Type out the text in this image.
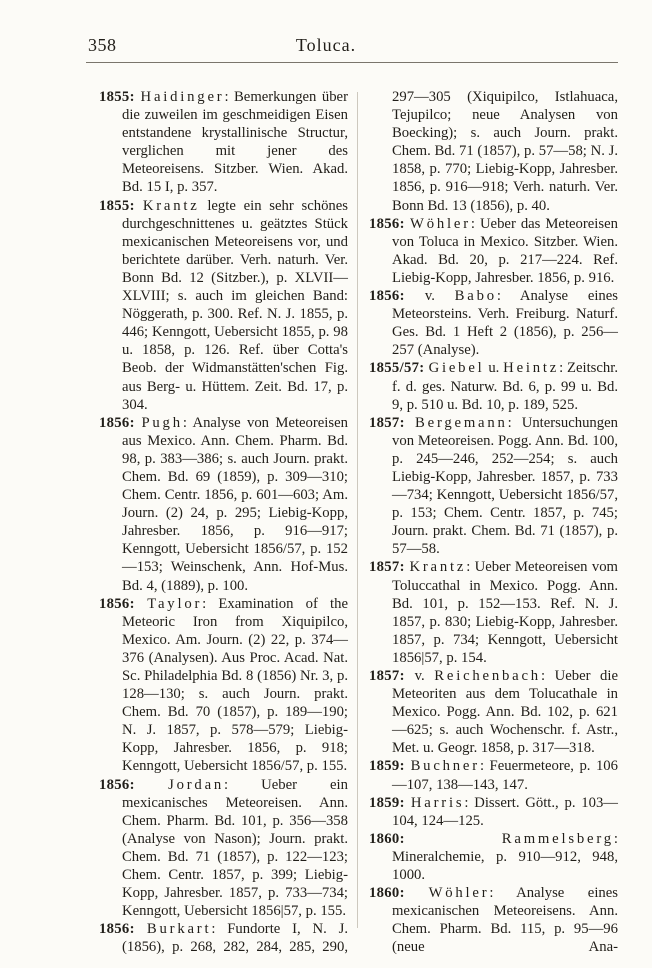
358	Toluca.

1855: Haidinger: Bemerkungen über die zuweilen im geschmeidigen Eisen entstandene krystallinische Structur, verglichen mit jener des Meteoreisens. Sitzber. Wien. Akad. Bd. 15 I, p. 357.

1855: Krantz legte ein sehr schönes durchgeschnittenes u. geätztes Stück mexicanischen Meteoreisens vor, und berichtete darüber. Verh. naturh. Ver. Bonn Bd. 12 (Sitzber.), p. XLVII—XLVIII; s. auch im gleichen Band: Nöggerath, p. 300. Ref. N. J. 1855, p. 446; Kenngott, Uebersicht 1855, p. 98 u. 1858, p. 126. Ref. über Cotta's Beob. der Widmanstätten'schen Fig. aus Berg- u. Hüttem. Zeit. Bd. 17, p. 304.

1856: Pugh: Analyse von Meteoreisen aus Mexico. Ann. Chem. Pharm. Bd. 98, p. 383—386; s. auch Journ. prakt. Chem. Bd. 69 (1859), p. 309—310; Chem. Centr. 1856, p. 601—603; Am. Journ. (2) 24, p. 295; Liebig-Kopp, Jahresber. 1856, p. 916—917; Kenngott, Uebersicht 1856/57, p. 152—153; Weinschenk, Ann. Hof-Mus. Bd. 4, (1889), p. 100.

1856: Taylor: Examination of the Meteoric Iron from Xiquipilco, Mexico. Am. Journ. (2) 22, p. 374—376 (Analysen). Aus Proc. Acad. Nat. Sc. Philadelphia Bd. 8 (1856) Nr. 3, p. 128—130; s. auch Journ. prakt. Chem. Bd. 70 (1857), p. 189—190; N. J. 1857, p. 578—579; Liebig-Kopp, Jahresber. 1856, p. 918; Kenngott, Uebersicht 1856/57, p. 155.

1856: Jordan: Ueber ein mexicanisches Meteoreisen. Ann. Chem. Pharm. Bd. 101, p. 356—358 (Analyse von Nason); Journ. prakt. Chem. Bd. 71 (1857), p. 122—123; Chem. Centr. 1857, p. 399; Liebig-Kopp, Jahresber. 1857, p. 733—734; Kenngott, Uebersicht 1856|57, p. 155.

1856: Burkart: Fundorte I, N. J. (1856), p. 268, 282, 284, 285, 290,

297—305 (Xiquipilco, Istlahuaca, Tejupilco; neue Analysen von Boecking); s. auch Journ. prakt. Chem. Bd. 71 (1857), p. 57—58; N. J. 1858, p. 770; Liebig-Kopp, Jahresber. 1856, p. 916—918; Verh. naturh. Ver. Bonn Bd. 13 (1856), p. 40.

1856: Wöhler: Ueber das Meteoreisen von Toluca in Mexico. Sitzber. Wien. Akad. Bd. 20, p. 217—224. Ref. Liebig-Kopp, Jahresber. 1856, p. 916.

1856: v. Babo: Analyse eines Meteorsteins. Verh. Freiburg. Naturf. Ges. Bd. 1 Heft 2 (1856), p. 256—257 (Analyse).

1855/57: Giebel u. Heintz: Zeitschr. f. d. ges. Naturw. Bd. 6, p. 99 u. Bd. 9, p. 510 u. Bd. 10, p. 189, 525.

1857: Bergemann: Untersuchungen von Meteoreisen. Pogg. Ann. Bd. 100, p. 245—246, 252—254; s. auch Liebig-Kopp, Jahresber. 1857, p. 733—734; Kenngott, Uebersicht 1856/57, p. 153; Chem. Centr. 1857, p. 745; Journ. prakt. Chem. Bd. 71 (1857), p. 57—58.

1857: Krantz: Ueber Meteoreisen vom Toluccathal in Mexico. Pogg. Ann. Bd. 101, p. 152—153. Ref. N. J. 1857, p. 830; Liebig-Kopp, Jahresber. 1857, p. 734; Kenngott, Uebersicht 1856|57, p. 154.

1857: v. Reichenbach: Ueber die Meteoriten aus dem Tolucathale in Mexico. Pogg. Ann. Bd. 102, p. 621—625; s. auch Wochenschr. f. Astr., Met. u. Geogr. 1858, p. 317—318.

1859: Buchner: Feuermeteore, p. 106—107, 138—143, 147.

1859: Harris: Dissert. Gött., p. 103—104, 124—125.

1860: Rammelsberg: Mineralchemie, p. 910—912, 948, 1000.

1860: Wöhler: Analyse eines mexicanischen Meteoreisens. Ann. Chem. Pharm. Bd. 115, p. 95—96 (neue Ana-
